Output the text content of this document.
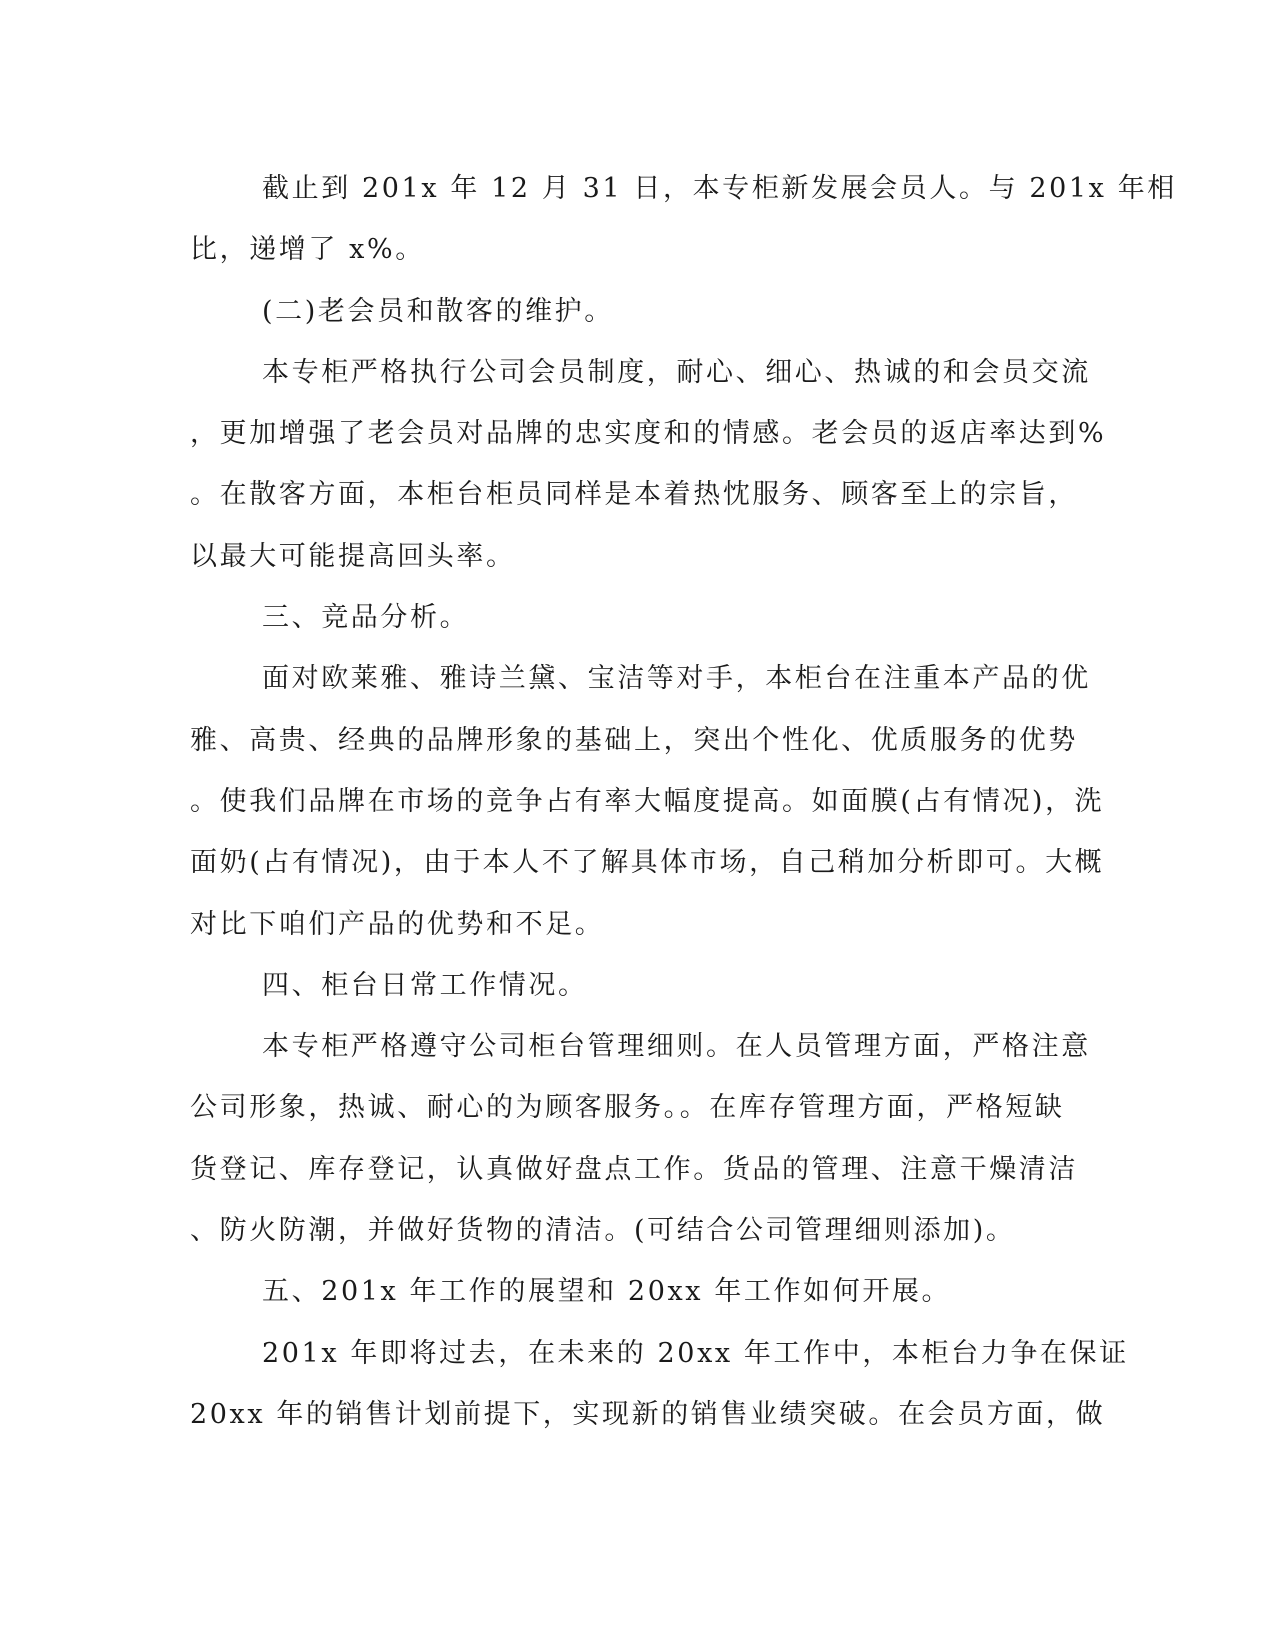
截止到 201x 年 12 月 31 日，本专柜新发展会员人。与 201x 年相
比，递增了 x%。
(二)老会员和散客的维护。
本专柜严格执行公司会员制度，耐心、细心、热诚的和会员交流
，更加增强了老会员对品牌的忠实度和的情感。老会员的返店率达到%
。在散客方面，本柜台柜员同样是本着热忱服务、顾客至上的宗旨，
以最大可能提高回头率。
三、竞品分析。
面对欧莱雅、雅诗兰黛、宝洁等对手，本柜台在注重本产品的优
雅、高贵、经典的品牌形象的基础上，突出个性化、优质服务的优势
。使我们品牌在市场的竞争占有率大幅度提高。如面膜(占有情况)，洗
面奶(占有情况)，由于本人不了解具体市场，自己稍加分析即可。大概
对比下咱们产品的优势和不足。
四、柜台日常工作情况。
本专柜严格遵守公司柜台管理细则。在人员管理方面，严格注意
公司形象，热诚、耐心的为顾客服务。。在库存管理方面，严格短缺
货登记、库存登记，认真做好盘点工作。货品的管理、注意干燥清洁
、防火防潮，并做好货物的清洁。(可结合公司管理细则添加)。
五、201x 年工作的展望和 20xx 年工作如何开展。
201x 年即将过去，在未来的 20xx 年工作中，本柜台力争在保证
20xx 年的销售计划前提下，实现新的销售业绩突破。在会员方面，做
